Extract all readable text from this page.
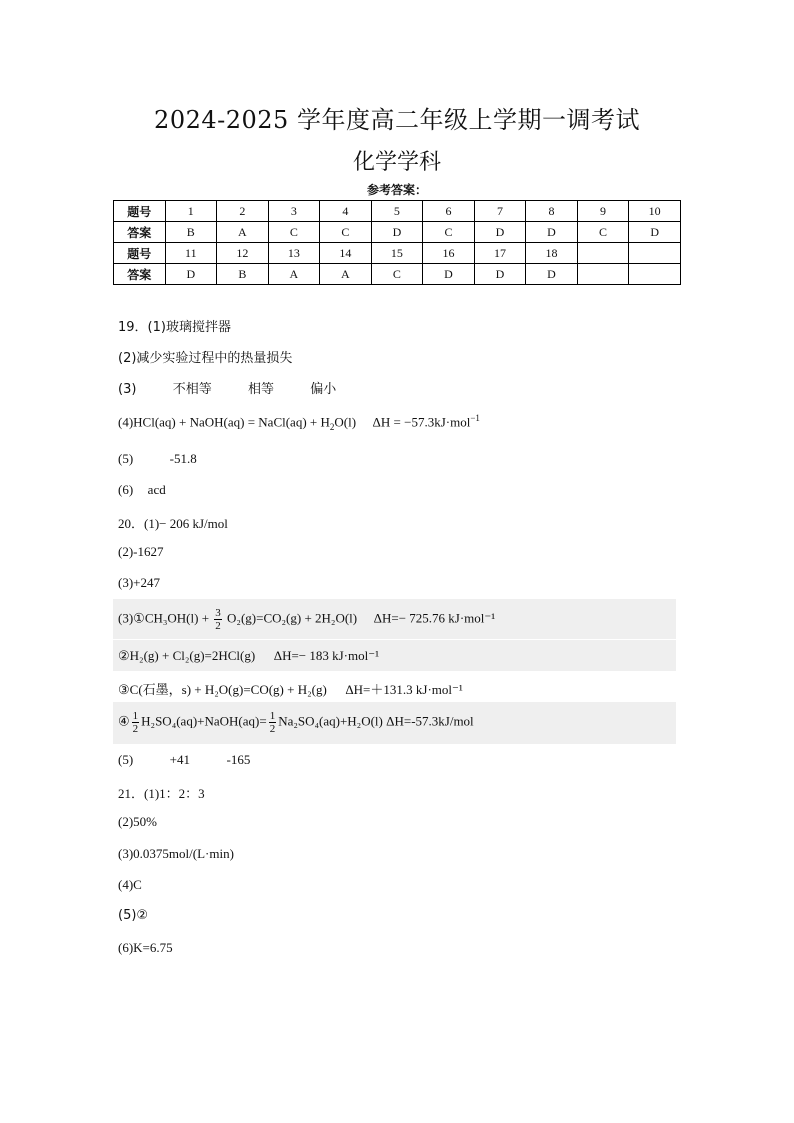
2024-2025 学年度高二年级上学期一调考试
化学学科
参考答案：
题号	1	2	3	4	5	6	7	8	9	10
答案	B	A	C	C	D	C	D	D	C	D
题号	11	12	13	14	15	16	17	18		
答案	D	B	A	A	C	D	D	D		
19．(1)玻璃搅拌器
(2)减少实验过程中的热量损失
(3)	不相等	相等	偏小
(4)HCl(aq) + NaOH(aq) = NaCl(aq) + $H_2O(l) \Delta H = -57.3kJ\cdot mol^{-1}$
(5)	-51.8
(6) acd
20．(1)− 206 kJ/mol
(2)-1627
(3)+247
(3)①CH₃OH(l) + $\frac{3}{2} O_2(g)=CO_2(g) + 2H_2O(l)$ ΔH=− 725.76 kJ·mol⁻¹
②H₂(g) + Cl₂(g)=2HCl(g) ΔH=− 183 kJ·mol⁻¹
③C(石墨，s) + H₂O(g)=CO(g) + H₂(g) ΔH=＋131.3 kJ·mol⁻¹
④ $\frac{1}{2}$ H₂SO₄(aq)+NaOH(aq)= $\frac{1}{2} Na_2SO_4(aq)+H_2O(l)$ ΔH=-57.3kJ/mol
(5)	+41	-165
21．(1)1：2：3
(2)50%
(3)0.0375mol/(L·min)
(4)C
(5)②
(6)K=6.75
